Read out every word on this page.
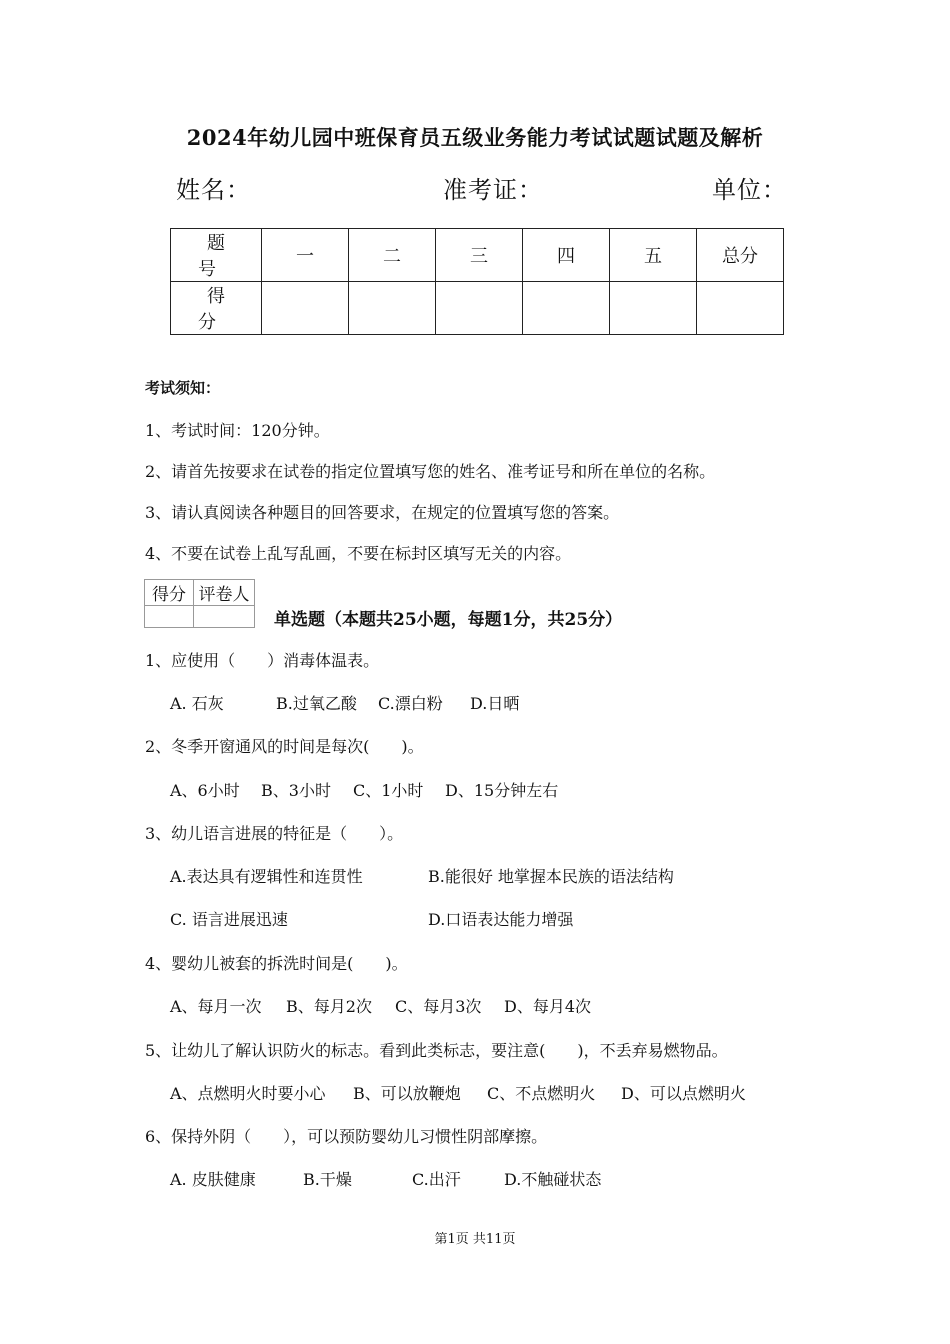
2024年幼儿园中班保育员五级业务能力考试试题试题及解析
姓名：	准考证：	单位：
题　号	一	二	三	四	五	总分
得　分						
考试须知：
1、考试时间：120分钟。
2、请首先按要求在试卷的指定位置填写您的姓名、准考证号和所在单位的名称。
3、请认真阅读各种题目的回答要求，在规定的位置填写您的答案。
4、不要在试卷上乱写乱画，不要在标封区填写无关的内容。
得分	评卷人

单选题（本题共25小题，每题1分，共25分）
1、应使用（　　）消毒体温表。
A. 石灰	B.过氧乙酸 C.漂白粉 D.日晒
2、冬季开窗通风的时间是每次(　　)。
A、6小时 B、3小时 C、1小时 D、15分钟左右
3、幼儿语言进展的特征是（　　）。
A.表达具有逻辑性和连贯性	B.能很好 地掌握本民族的语法结构
C. 语言进展迅速	D.口语表达能力增强
4、婴幼儿被套的拆洗时间是(　　)。
A、每月一次 B、每月2次 C、每月3次 D、每月4次
5、让幼儿了解认识防火的标志。看到此类标志，要注意(　　)，不丢弃易燃物品。
A、点燃明火时要小心 B、可以放鞭炮 C、不点燃明火 D、可以点燃明火
6、保持外阴（　　），可以预防婴幼儿习惯性阴部摩擦。
A. 皮肤健康	B.干燥	C.出汗	D.不触碰状态
第1页 共11页
